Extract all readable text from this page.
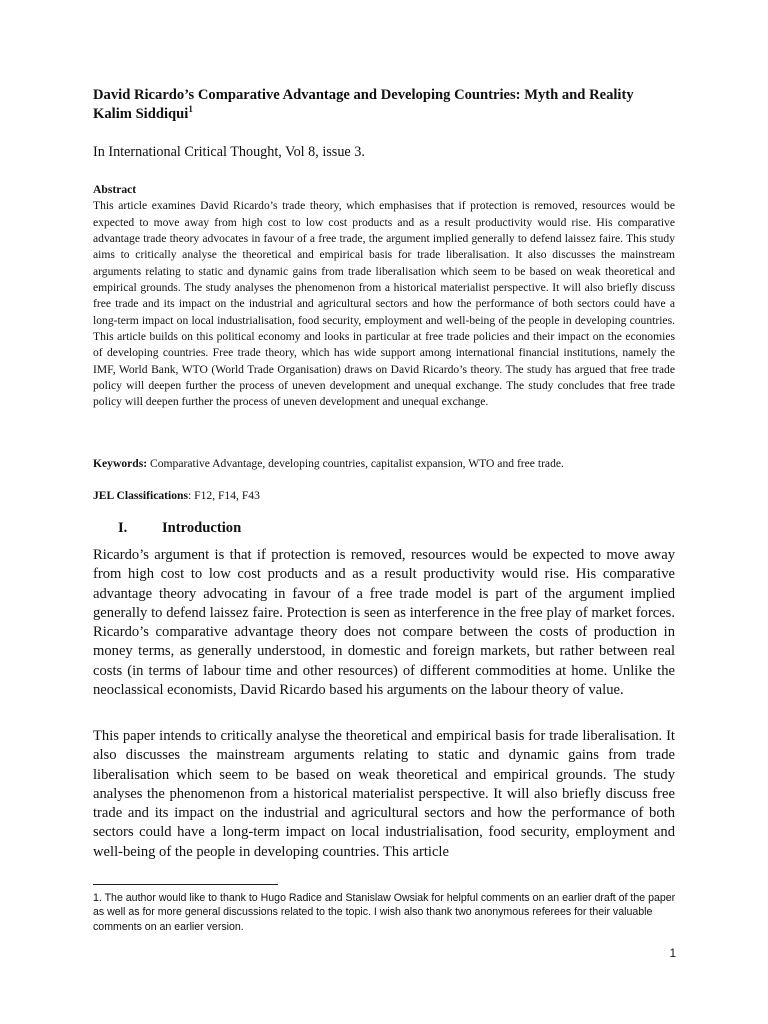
David Ricardo’s Comparative Advantage and Developing Countries: Myth and Reality
Kalim Siddiqui$^1$
In International Critical Thought, Vol 8, issue 3.
Abstract
This article examines David Ricardo’s trade theory, which emphasises that if protection is removed, resources would be expected to move away from high cost to low cost products and as a result productivity would rise. His comparative advantage trade theory advocates in favour of a free trade, the argument implied generally to defend laissez faire. This study aims to critically analyse the theoretical and empirical basis for trade liberalisation. It also discusses the mainstream arguments relating to static and dynamic gains from trade liberalisation which seem to be based on weak theoretical and empirical grounds. The study analyses the phenomenon from a historical materialist perspective. It will also briefly discuss free trade and its impact on the industrial and agricultural sectors and how the performance of both sectors could have a long-term impact on local industrialisation, food security, employment and well-being of the people in developing countries. This article builds on this political economy and looks in particular at free trade policies and their impact on the economies of developing countries. Free trade theory, which has wide support among international financial institutions, namely the IMF, World Bank, WTO (World Trade Organisation) draws on David Ricardo’s theory. The study has argued that free trade policy will deepen further the process of uneven development and unequal exchange. The study concludes that free trade policy will deepen further the process of uneven development and unequal exchange.
Keywords: Comparative Advantage, developing countries, capitalist expansion, WTO and free trade.
JEL Classifications: F12, F14, F43
I. Introduction

Ricardo’s argument is that if protection is removed, resources would be expected to move away from high cost to low cost products and as a result productivity would rise. His comparative advantage theory advocating in favour of a free trade model is part of the argument implied generally to defend laissez faire. Protection is seen as interference in the free play of market forces. Ricardo’s comparative advantage theory does not compare between the costs of production in money terms, as generally understood, in domestic and foreign markets, but rather between real costs (in terms of labour time and other resources) of different commodities at home. Unlike the neoclassical economists, David Ricardo based his arguments on the labour theory of value.

This paper intends to critically analyse the theoretical and empirical basis for trade liberalisation. It also discusses the mainstream arguments relating to static and dynamic gains from trade liberalisation which seem to be based on weak theoretical and empirical grounds. The study analyses the phenomenon from a historical materialist perspective. It will also briefly discuss free trade and its impact on the industrial and agricultural sectors and how the performance of both sectors could have a long-term impact on local industrialisation, food security, employment and well-being of the people in developing countries. This article

1. The author would like to thank to Hugo Radice and Stanislaw Owsiak for helpful comments on an earlier draft of the paper as well as for more general discussions related to the topic. I wish also thank two anonymous referees for their valuable comments on an earlier version.
1
